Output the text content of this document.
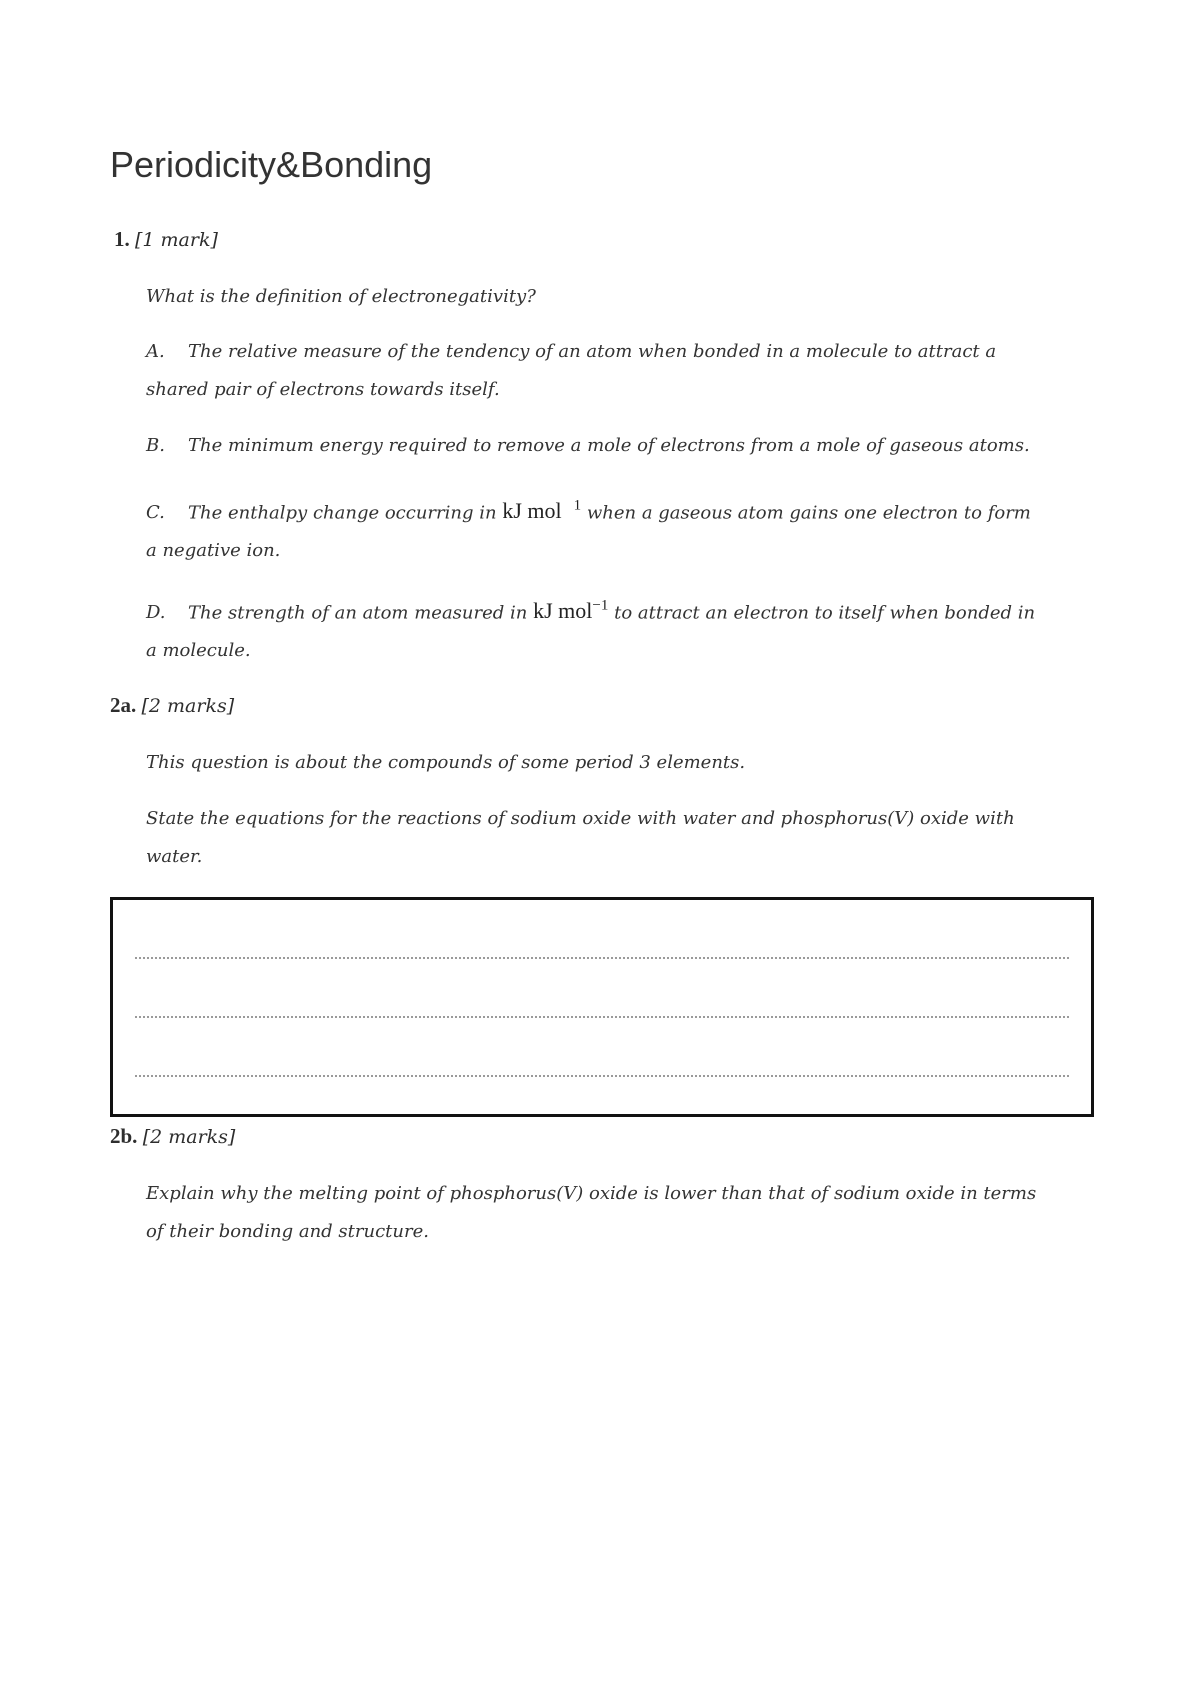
Periodicity&Bonding
1. [1 mark]

What is the definition of electronegativity?

A. The relative measure of the tendency of an atom when bonded in a molecule to attract a
shared pair of electrons towards itself.
B. The minimum energy required to remove a mole of electrons from a mole of gaseous atoms.
C. The enthalpy change occurring in kJ mol $^1$ when a gaseous atom gains one electron to form
a negative ion.
D. The strength of an atom measured in kJ mol$^{-1}$ to attract an electron to itself when bonded in
a molecule.
2a. [2 marks]

This question is about the compounds of some period 3 elements.

State the equations for the reactions of sodium oxide with water and phosphorus(V) oxide with
water.
2b. [2 marks]
Explain why the melting point of phosphorus(V) oxide is lower than that of sodium oxide in terms
of their bonding and structure.
